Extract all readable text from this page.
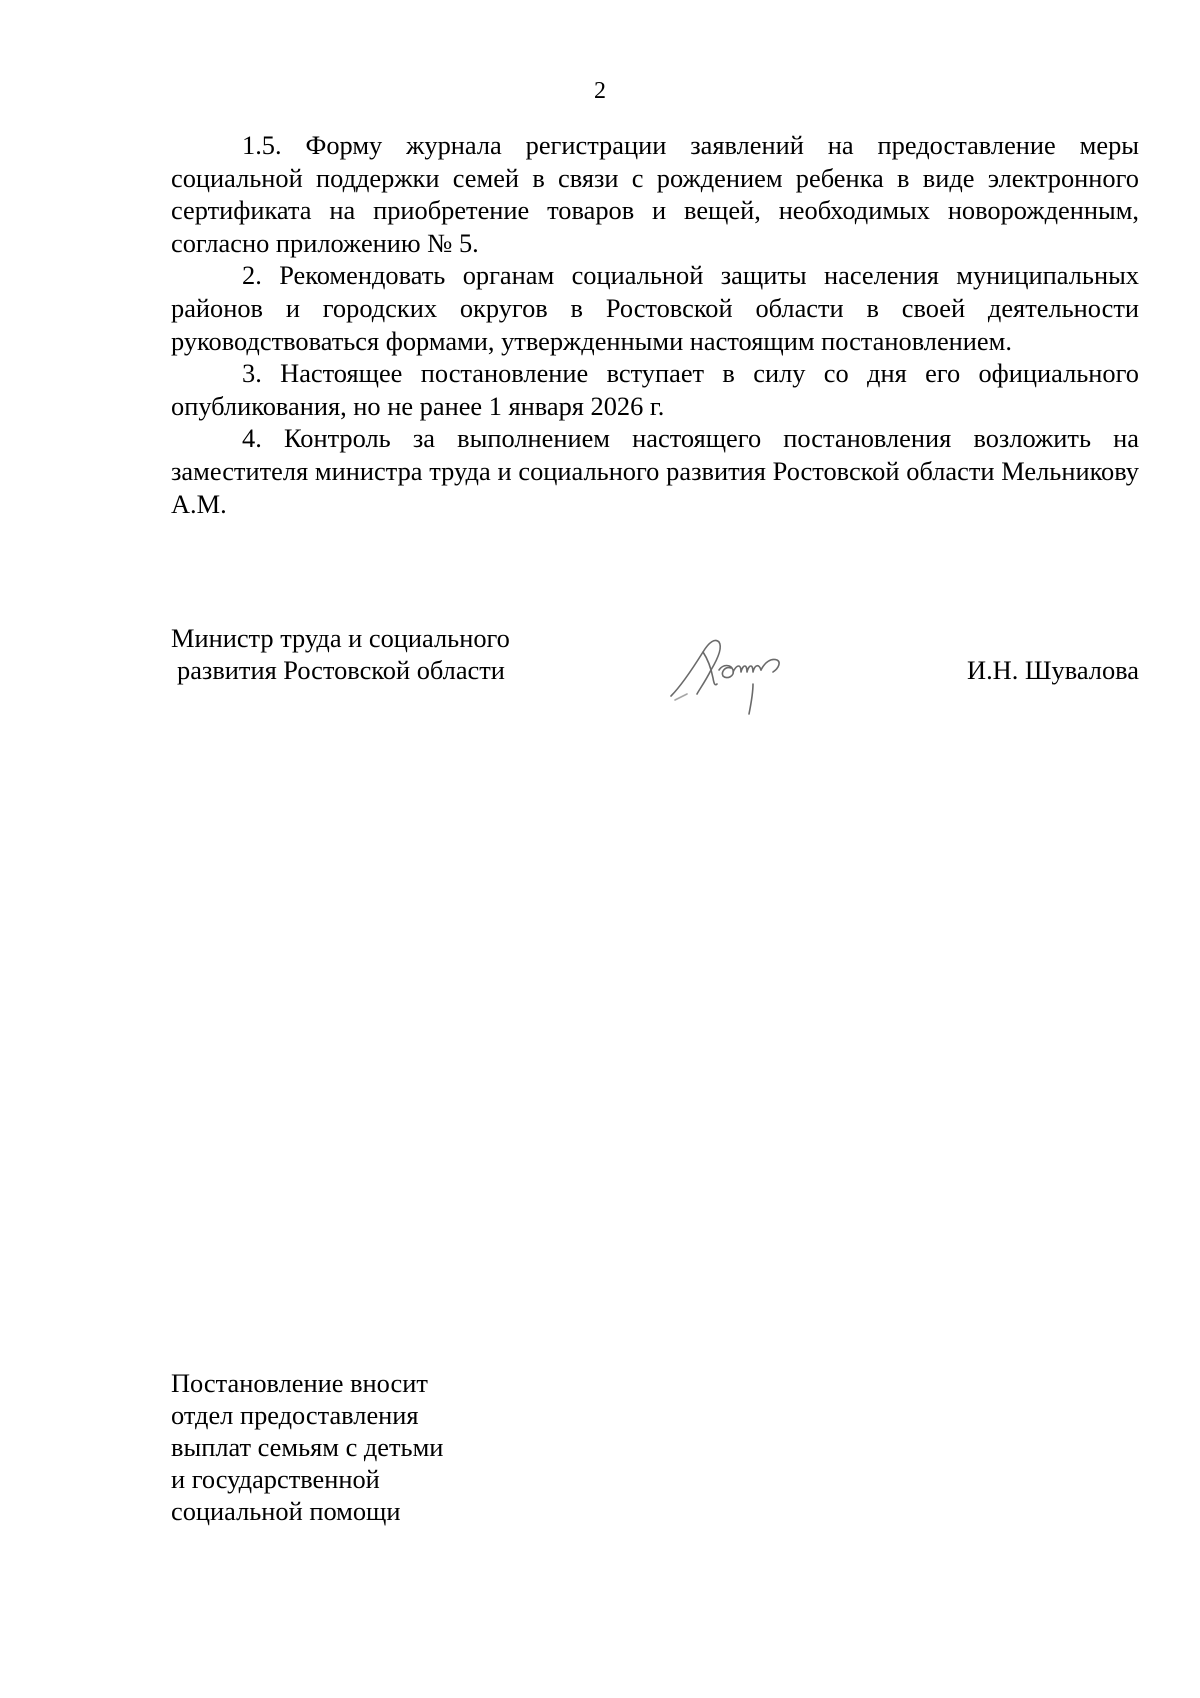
2

1.5. Форму журнала регистрации заявлений на предоставление меры социальной поддержки семей в связи с рождением ребенка в виде электронного сертификата на приобретение товаров и вещей, необходимых новорожденным, согласно приложению № 5.

2. Рекомендовать органам социальной защиты населения муниципальных районов и городских округов в Ростовской области в своей деятельности руководствоваться формами, утвержденными настоящим постановлением.

3. Настоящее постановление вступает в силу со дня его официального опубликования, но не ранее 1 января 2026 г.

4. Контроль за выполнением настоящего постановления возложить на заместителя министра труда и социального развития Ростовской области Мельникову А.М.

Министр труда и социального
развития Ростовской области	И.Н. Шувалова
Постановление вносит
отдел предоставления
выплат семьям с детьми
и государственной
социальной помощи
